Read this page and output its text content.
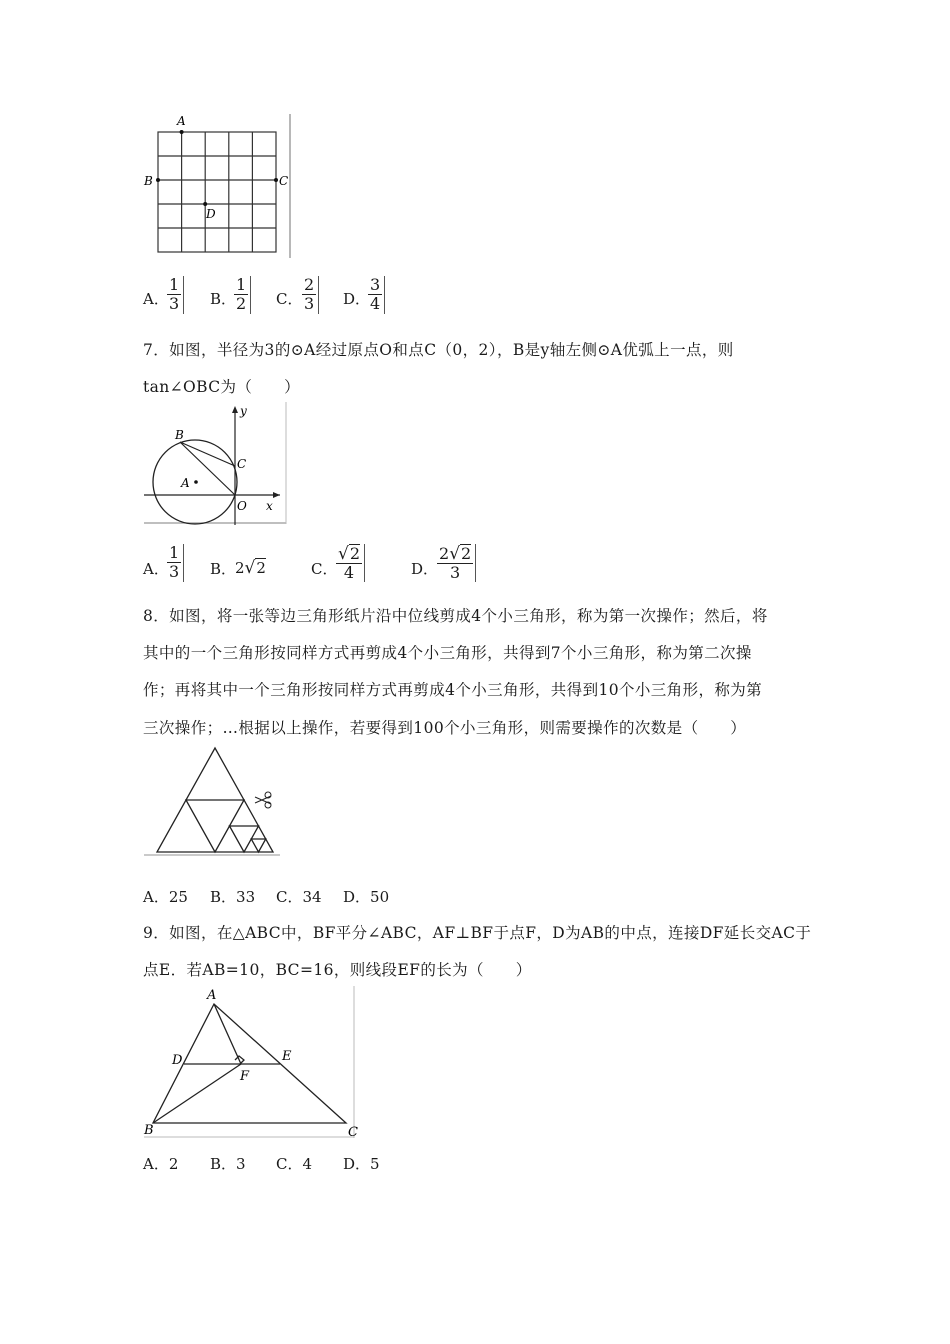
A
B	C
D
A．
$\frac{1}{3}$ B．
$\frac{1}{2}$ C． $\frac{2}{3}$ D．
$\frac{3}{4}$
7．如图，半径为3的⊙A经过原点O和点C（0，2），B是y轴左侧⊙A优弧上一点，则
tan∠OBC为（　　）
y
x
O
A
B
C
A．
$\frac{1}{3}$ B．
2√2	C．
$\frac{√2}{4}$	D．
$\frac{2√2}{3}$
8．如图，将一张等边三角形纸片沿中位线剪成4个小三角形，称为第一次操作；然后，将
其中的一个三角形按同样方式再剪成4个小三角形，共得到7个小三角形，称为第二次操
作；再将其中一个三角形按同样方式再剪成4个小三角形，共得到10个小三角形，称为第
三次操作；…根据以上操作，若要得到100个小三角形，则需要操作的次数是（　　）
A．25 B．33 C．34 D．50
9．如图，在△ABC中，BF平分∠ABC，AF⊥BF于点F，D为AB的中点，连接DF延长交AC于
点E．若AB=10，BC=16，则线段EF的长为（　　）
A
B	C
D	E
F
A．2 B．3 C．4 D．5
